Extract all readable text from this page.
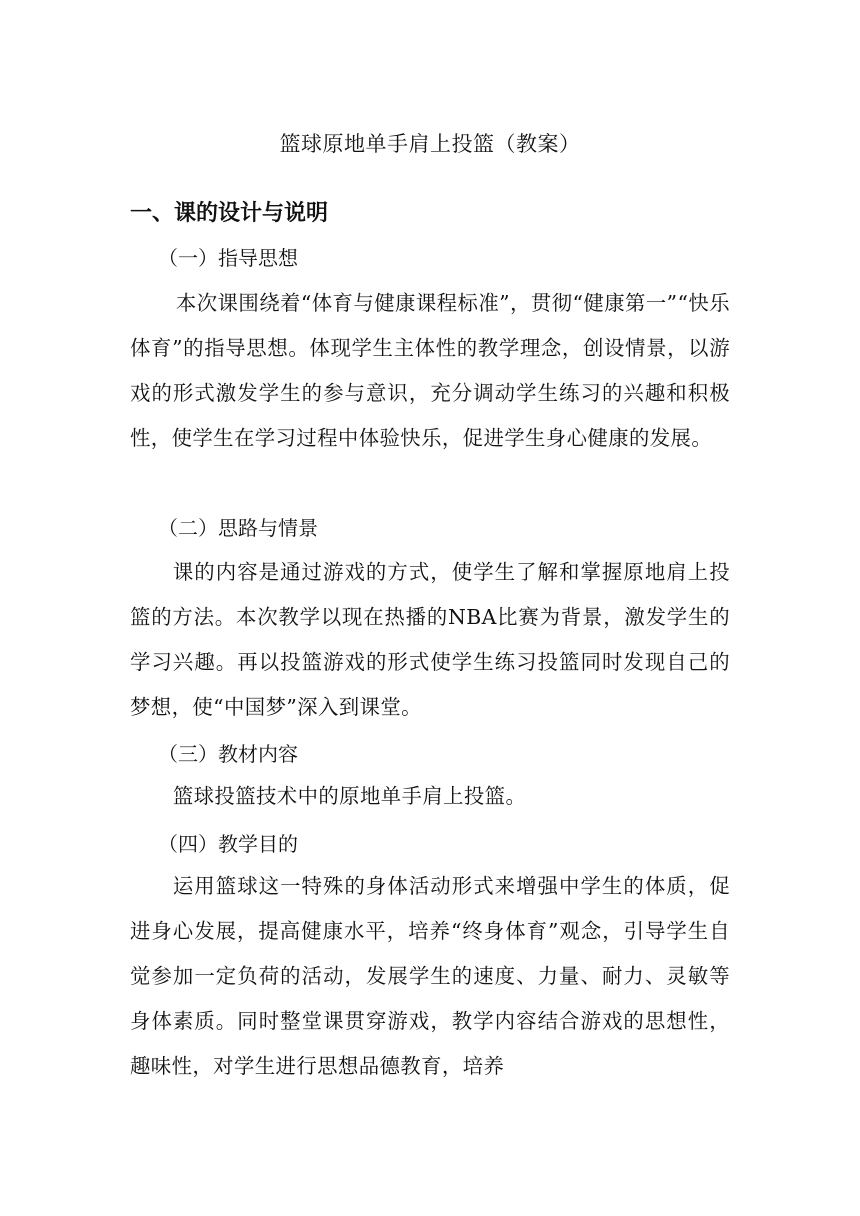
篮球原地单手肩上投篮（教案）
一、课的设计与说明
（一）指导思想
本次课围绕着“体育与健康课程标准”，贯彻“健康第一”“快乐体育”的指导思想。体现学生主体性的教学理念，创设情景，以游戏的形式激发学生的参与意识，充分调动学生练习的兴趣和积极性，使学生在学习过程中体验快乐，促进学生身心健康的发展。
（二）思路与情景
课的内容是通过游戏的方式，使学生了解和掌握原地肩上投篮的方法。本次教学以现在热播的NBA比赛为背景，激发学生的学习兴趣。再以投篮游戏的形式使学生练习投篮同时发现自己的梦想，使“中国梦”深入到课堂。
（三）教材内容
篮球投篮技术中的原地单手肩上投篮。
（四）教学目的
运用篮球这一特殊的身体活动形式来增强中学生的体质，促进身心发展，提高健康水平，培养“终身体育”观念，引导学生自觉参加一定负荷的活动，发展学生的速度、力量、耐力、灵敏等身体素质。同时整堂课贯穿游戏，教学内容结合游戏的思想性，趣味性，对学生进行思想品德教育，培养
